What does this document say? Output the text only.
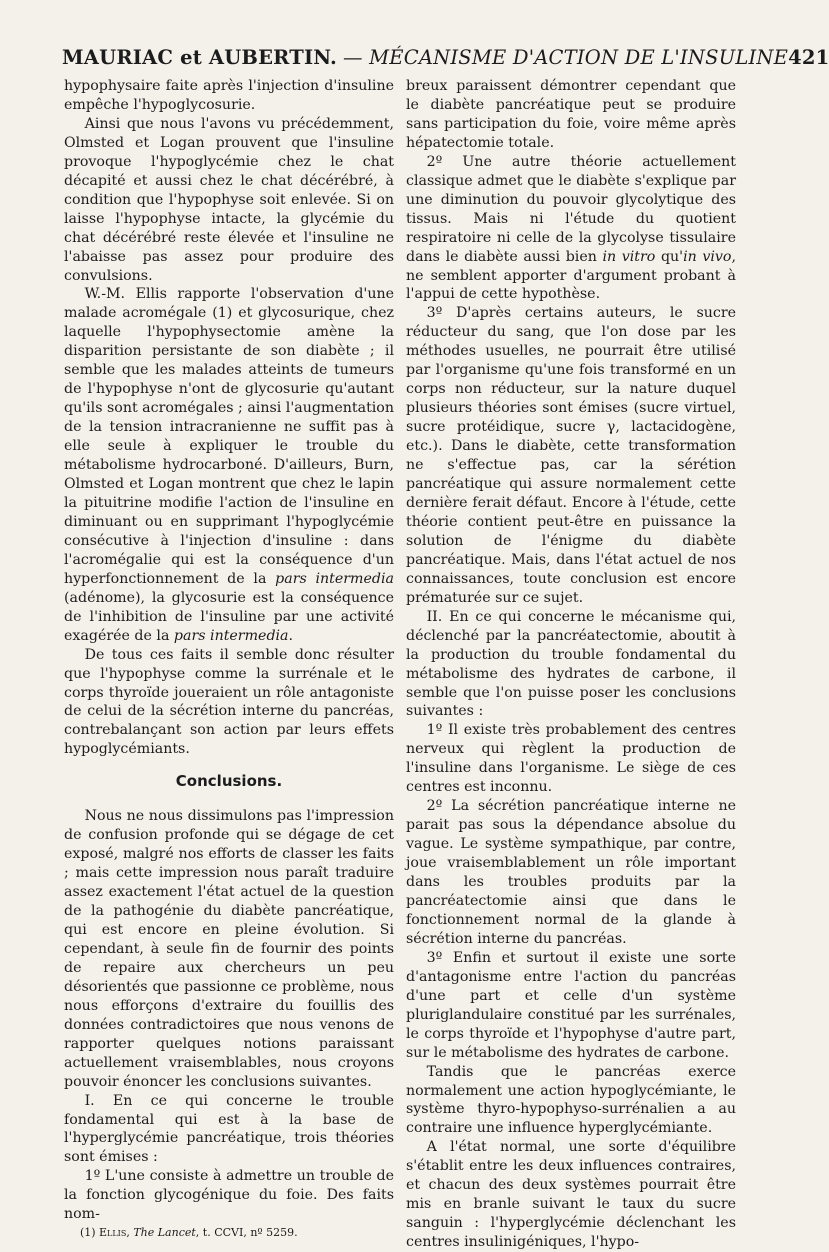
MAURIAC et AUBERTIN. — MÉCANISME D'ACTION DE L'INSULINE 421

hypophysaire faite après l'injection d'insuline empêche l'hypoglycosurie.

Ainsi que nous l'avons vu précédemment, Olmsted et Logan prouvent que l'insuline provoque l'hypoglycémie chez le chat décapité et aussi chez le chat décérébré, à condition que l'hypophyse soit enlevée. Si on laisse l'hypophyse intacte, la glycémie du chat décérébré reste élevée et l'insuline ne l'abaisse pas assez pour produire des convulsions.

W.-M. Ellis rapporte l'observation d'une malade acromégale (1) et glycosurique, chez laquelle l'hypophysectomie amène la disparition persistante de son diabète ; il semble que les malades atteints de tumeurs de l'hypophyse n'ont de glycosurie qu'autant qu'ils sont acromégales ; ainsi l'augmentation de la tension intracranienne ne suffit pas à elle seule à expliquer le trouble du métabolisme hydrocarboné. D'ailleurs, Burn, Olmsted et Logan montrent que chez le lapin la pituitrine modifie l'action de l'insuline en diminuant ou en supprimant l'hypoglycémie consécutive à l'injection d'insuline : dans l'acromégalie qui est la conséquence d'un hyperfonctionnement de la pars intermedia (adénome), la glycosurie est la conséquence de l'inhibition de l'insuline par une activité exagérée de la pars intermedia.

De tous ces faits il semble donc résulter que l'hypophyse comme la surrénale et le corps thyroïde joueraient un rôle antagoniste de celui de la sécrétion interne du pancréas, contrebalançant son action par leurs effets hypoglycémiants.

Conclusions.

Nous ne nous dissimulons pas l'impression de confusion profonde qui se dégage de cet exposé, malgré nos efforts de classer les faits ; mais cette impression nous paraît traduire assez exactement l'état actuel de la question de la pathogénie du diabète pancréatique, qui est encore en pleine évolution. Si cependant, à seule fin de fournir des points de repaire aux chercheurs un peu désorientés que passionne ce problème, nous nous efforçons d'extraire du fouillis des données contradictoires que nous venons de rapporter quelques notions paraissant actuellement vraisemblables, nous croyons pouvoir énoncer les conclusions suivantes.

I. En ce qui concerne le trouble fondamental qui est à la base de l'hyperglycémie pancréatique, trois théories sont émises :

1º L'une consiste à admettre un trouble de la fonction glycogénique du foie. Des faits nom-

(1) Ellis, The Lancet, t. CCVI, nº 5259.

breux paraissent démontrer cependant que le diabète pancréatique peut se produire sans participation du foie, voire même après hépatectomie totale.

2º Une autre théorie actuellement classique admet que le diabète s'explique par une diminution du pouvoir glycolytique des tissus. Mais ni l'étude du quotient respiratoire ni celle de la glycolyse tissulaire dans le diabète aussi bien in vitro qu'in vivo, ne semblent apporter d'argument probant à l'appui de cette hypothèse.

3º D'après certains auteurs, le sucre réducteur du sang, que l'on dose par les méthodes usuelles, ne pourrait être utilisé par l'organisme qu'une fois transformé en un corps non réducteur, sur la nature duquel plusieurs théories sont émises (sucre virtuel, sucre protéidique, sucre γ, lactacidogène, etc.). Dans le diabète, cette transformation ne s'effectue pas, car la sérétion pancréatique qui assure normalement cette dernière ferait défaut. Encore à l'étude, cette théorie contient peut-être en puissance la solution de l'énigme du diabète pancréatique. Mais, dans l'état actuel de nos connaissances, toute conclusion est encore prématurée sur ce sujet.

II. En ce qui concerne le mécanisme qui, déclenché par la pancréatectomie, aboutit à la production du trouble fondamental du métabolisme des hydrates de carbone, il semble que l'on puisse poser les conclusions suivantes :

1º Il existe très probablement des centres nerveux qui règlent la production de l'insuline dans l'organisme. Le siège de ces centres est inconnu.

2º La sécrétion pancréatique interne ne parait pas sous la dépendance absolue du vague. Le système sympathique, par contre, joue vraisemblablement un rôle important dans les troubles produits par la pancréatectomie ainsi que dans le fonctionnement normal de la glande à sécrétion interne du pancréas.

3º Enfin et surtout il existe une sorte d'antagonisme entre l'action du pancréas d'une part et celle d'un système pluriglandulaire constitué par les surrénales, le corps thyroïde et l'hypophyse d'autre part, sur le métabolisme des hydrates de carbone.

Tandis que le pancréas exerce normalement une action hypoglycémiante, le système thyro-hypophyso-surrénalien a au contraire une influence hyperglycémiante.

A l'état normal, une sorte d'équilibre s'établit entre les deux influences contraires, et chacun des deux systèmes pourrait être mis en branle suivant le taux du sucre sanguin : l'hyperglycémie déclenchant les centres insulinigéniques, l'hypo-
